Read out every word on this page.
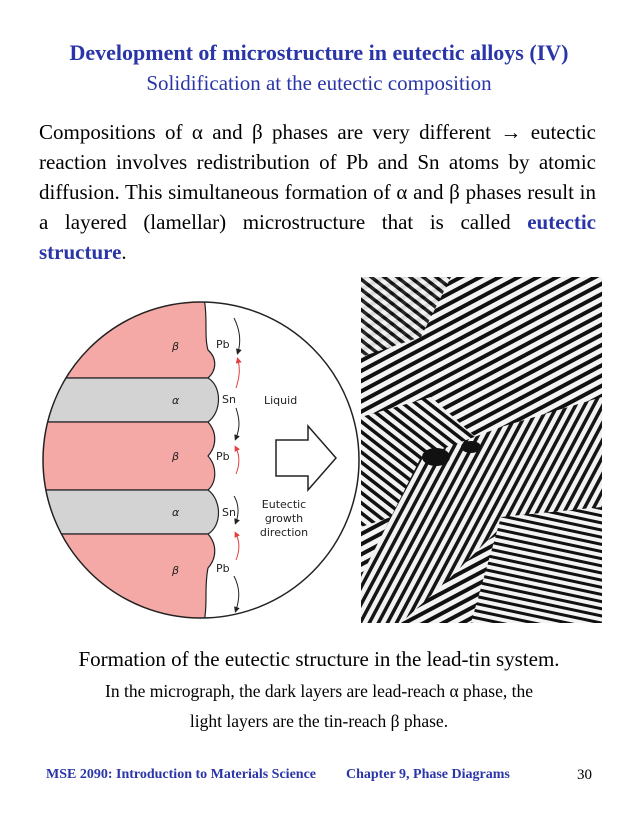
Development of microstructure in eutectic alloys (IV)
Solidification at the eutectic composition
Compositions of α and β phases are very different → eutectic reaction involves redistribution of Pb and Sn atoms by atomic diffusion. This simultaneous formation of α and β phases result in a layered (lamellar) microstructure that is called eutectic structure.
β
α
β
α
β
Pb
Sn
Pb
Sn
Pb
Liquid
Eutectic
growth
direction
Formation of the eutectic structure in the lead-tin system.
In the micrograph, the dark layers are lead-reach α phase, the
light layers are the tin-reach β phase.
MSE 2090: Introduction to Materials Science Chapter 9, Phase Diagrams	30
